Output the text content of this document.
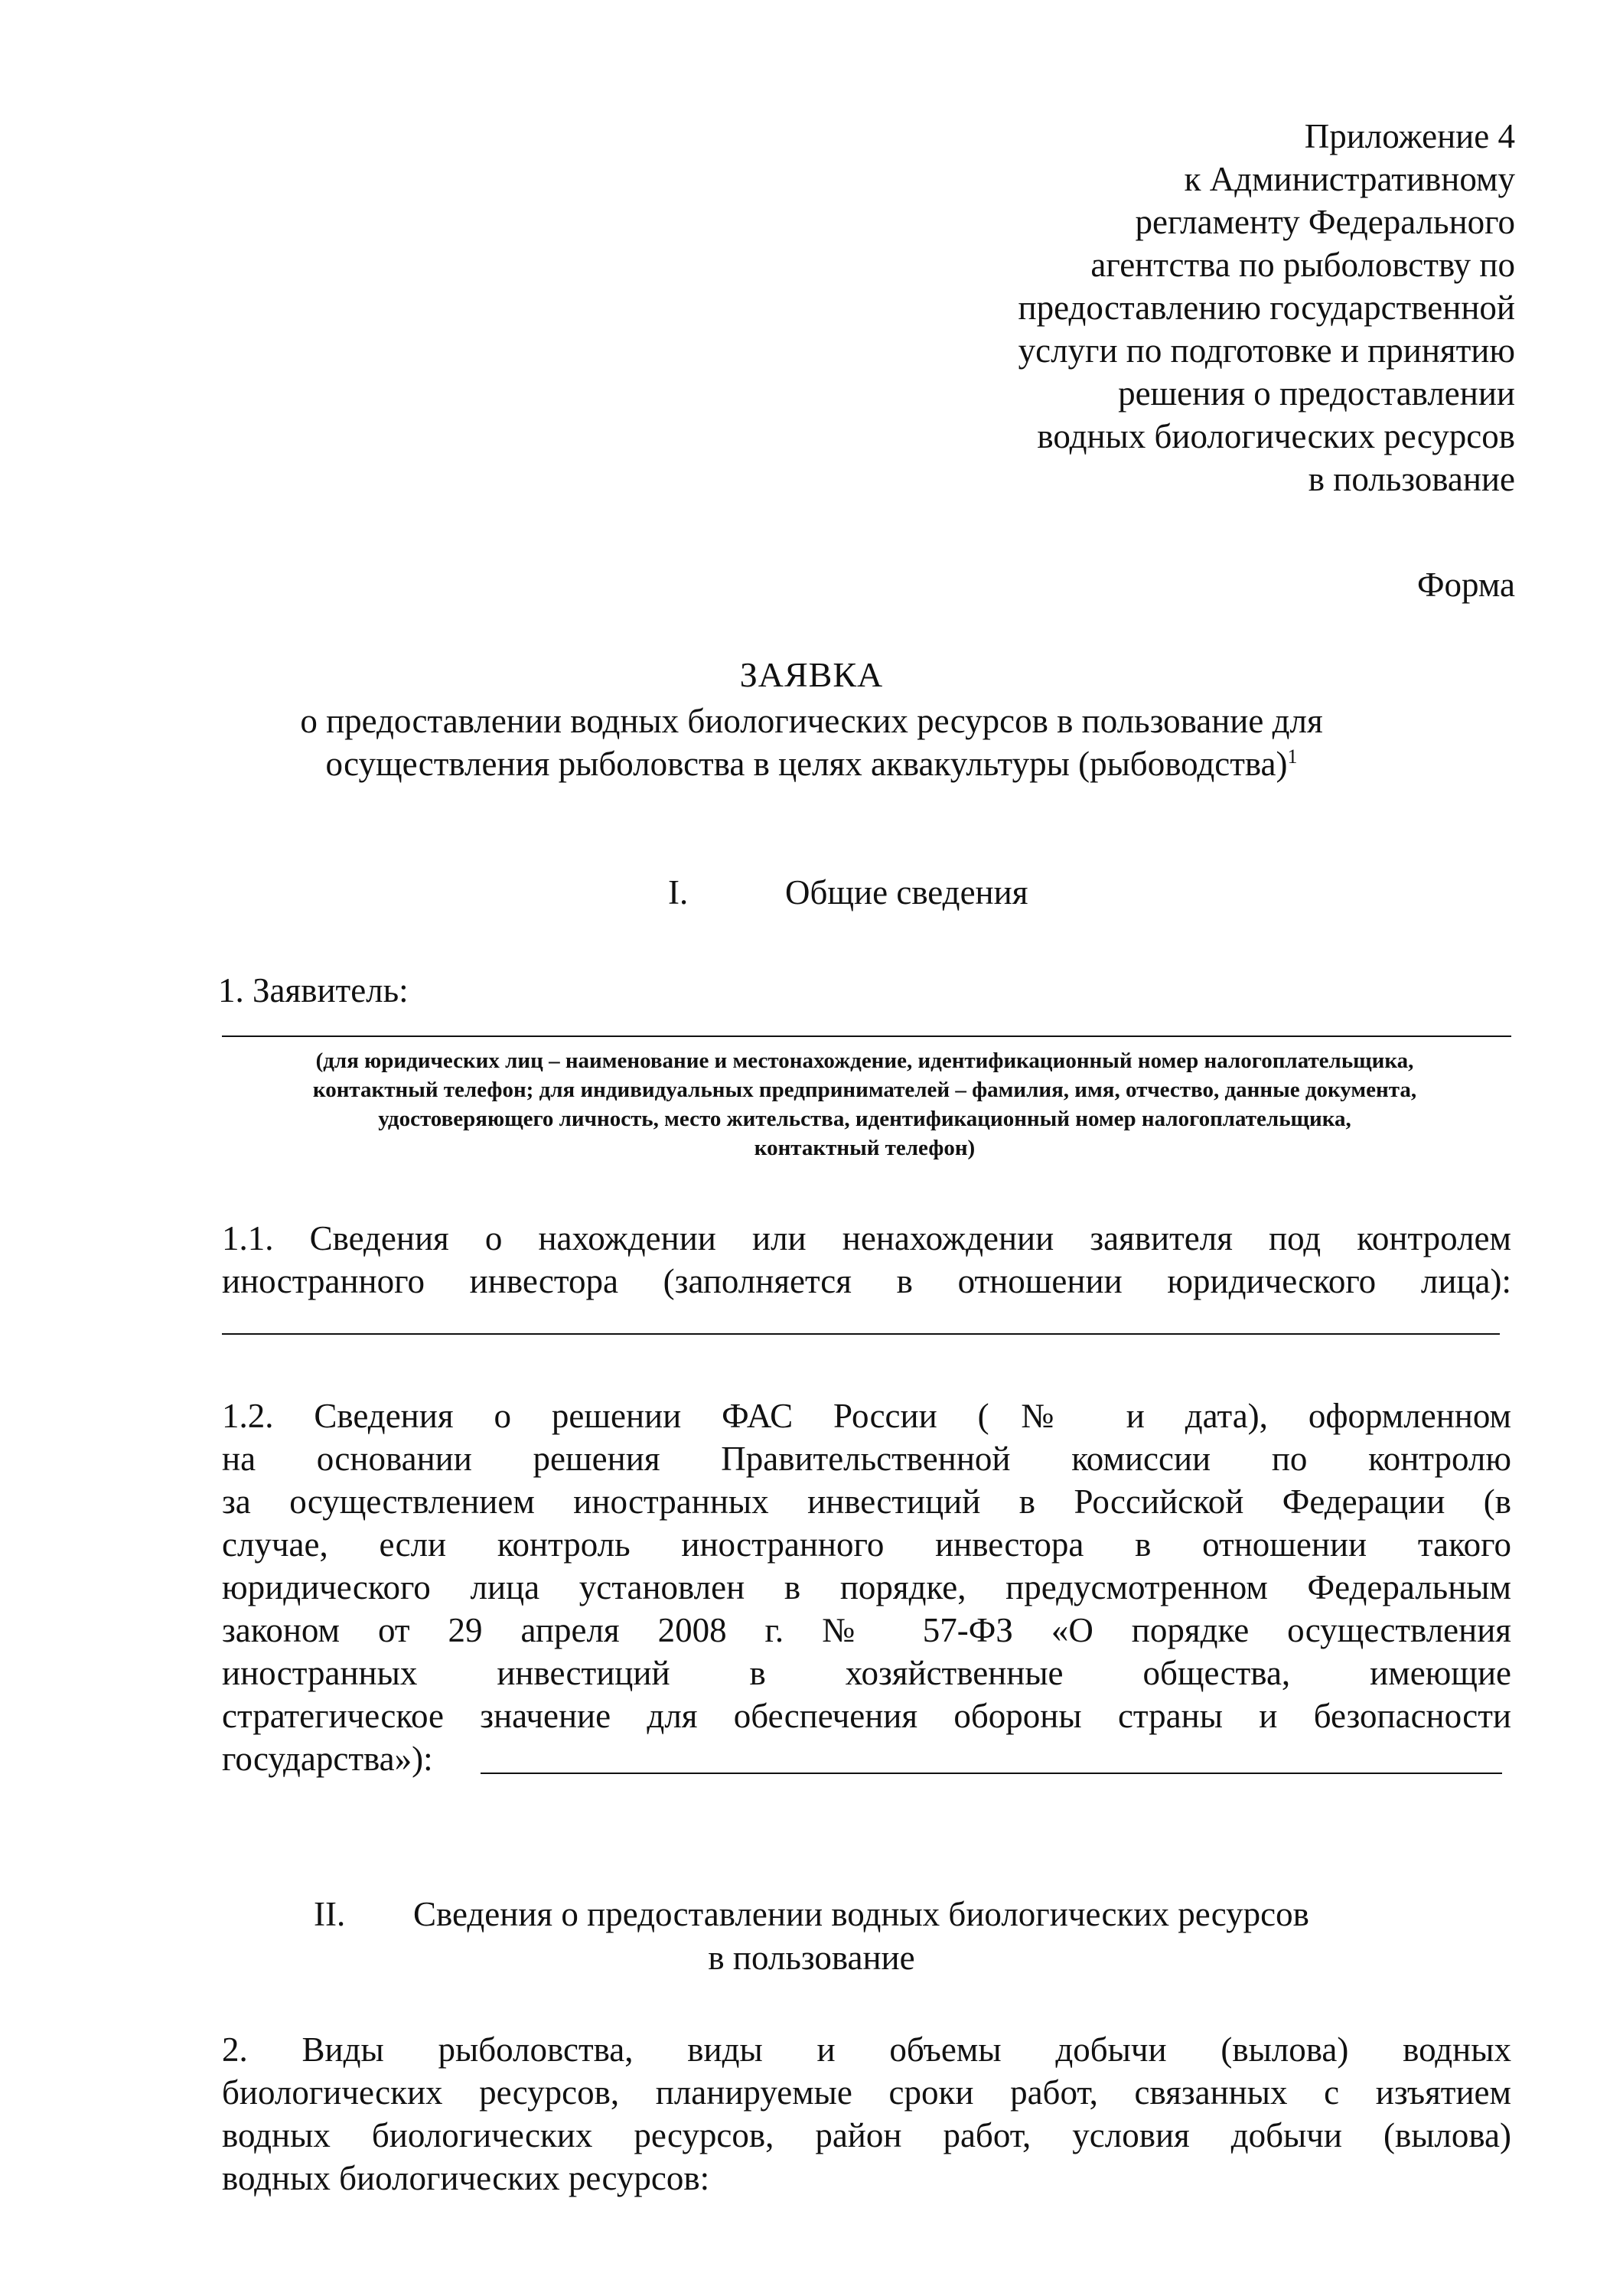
Приложение 4
к Административному
регламенту Федерального
агентства по рыболовству по
предоставлению государственной
услуги по подготовке и принятию
решения о предоставлении
водных биологических ресурсов
в пользование
Форма
ЗАЯВКА
о предоставлении водных биологических ресурсов в пользование для
осуществления рыболовства в целях аквакультуры (рыбоводства)$^1$
I.	Общие сведения
1. Заявитель:
(для юридических лиц – наименование и местонахождение, идентификационный номер налогоплательщика,
контактный телефон; для индивидуальных предпринимателей – фамилия, имя, отчество, данные документа,
удостоверяющего личность, место жительства, идентификационный номер налогоплательщика,
контактный телефон)
1.1. Сведения о нахождении или ненахождении заявителя под контролем
иностранного инвестора (заполняется в отношении юридического лица):
1.2. Сведения о решении ФАС России (№ и дата), оформленном
на основании решения Правительственной комиссии по контролю
за осуществлением иностранных инвестиций в Российской Федерации (в
случае, если контроль иностранного инвестора в отношении такого
юридического лица установлен в порядке, предусмотренном Федеральным
законом от 29 апреля 2008 г. № 57-ФЗ «О порядке осуществления
иностранных инвестиций в хозяйственные общества, имеющие
стратегическое значение для обеспечения обороны страны и безопасности
государства»):
II. Сведения о предоставлении водных биологических ресурсов
в пользование
2. Виды рыболовства, виды и объемы добычи (вылова) водных
биологических ресурсов, планируемые сроки работ, связанных с изъятием
водных биологических ресурсов, район работ, условия добычи (вылова)
водных биологических ресурсов:
